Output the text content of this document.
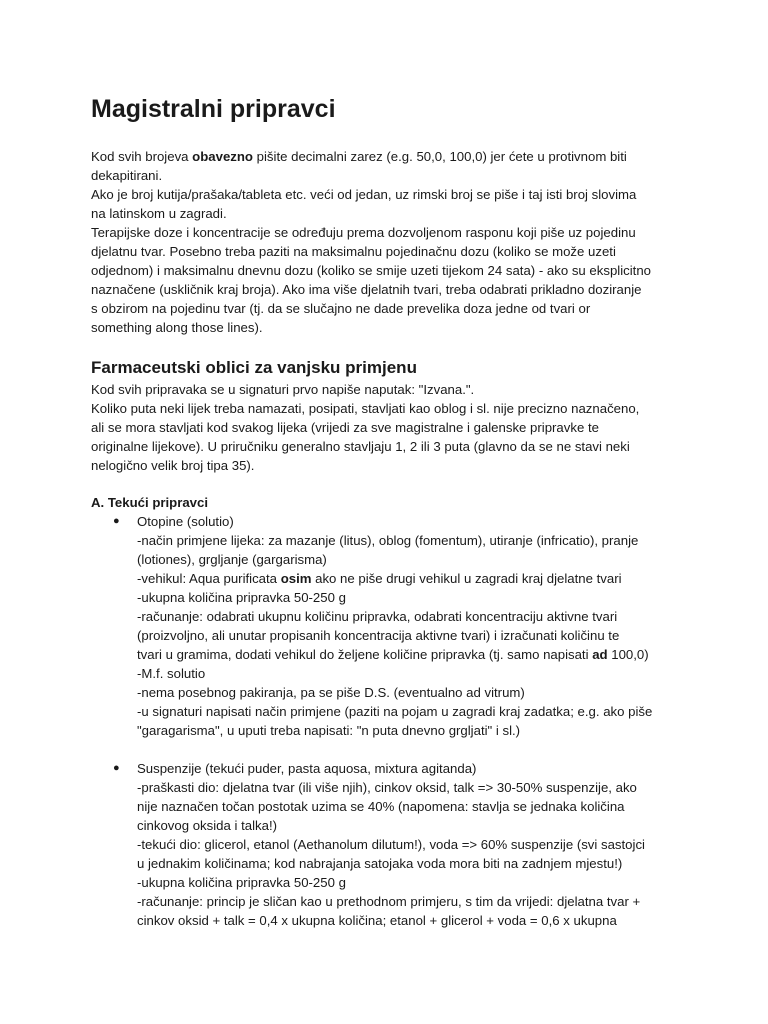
Magistralni pripravci

Kod svih brojeva obavezno pišite decimalni zarez (e.g. 50,0, 100,0) jer ćete u protivnom biti

dekapitirani.

Ako je broj kutija/prašaka/tableta etc. veći od jedan, uz rimski broj se piše i taj isti broj slovima

na latinskom u zagradi.

Terapijske doze i koncentracije se određuju prema dozvoljenom rasponu koji piše uz pojedinu

djelatnu tvar. Posebno treba paziti na maksimalnu pojedinačnu dozu (koliko se može uzeti

odjednom) i maksimalnu dnevnu dozu (koliko se smije uzeti tijekom 24 sata) - ako su eksplicitno

naznačene (uskličnik kraj broja). Ako ima više djelatnih tvari, treba odabrati prikladno doziranje

s obzirom na pojedinu tvar (tj. da se slučajno ne dade prevelika doza jedne od tvari or

something along those lines).

Farmaceutski oblici za vanjsku primjenu

Kod svih pripravaka se u signaturi prvo napiše naputak: "Izvana.".

Koliko puta neki lijek treba namazati, posipati, stavljati kao oblog i sl. nije precizno naznačeno,

ali se mora stavljati kod svakog lijeka (vrijedi za sve magistralne i galenske pripravke te

originalne lijekove). U priručniku generalno stavljaju 1, 2 ili 3 puta (glavno da se ne stavi neki

nelogično velik broj tipa 35).

A. Tekući pripravci

● Otopine (solutio)

-način primjene lijeka: za mazanje (litus), oblog (fomentum), utiranje (infricatio), pranje

(lotiones), grgljanje (gargarisma)

-vehikul: Aqua purificata osim ako ne piše drugi vehikul u zagradi kraj djelatne tvari

-ukupna količina pripravka 50-250 g

-računanje: odabrati ukupnu količinu pripravka, odabrati koncentraciju aktivne tvari

(proizvoljno, ali unutar propisanih koncentracija aktivne tvari) i izračunati količinu te

tvari u gramima, dodati vehikul do željene količine pripravka (tj. samo napisati ad 100,0)

-M.f. solutio

-nema posebnog pakiranja, pa se piše D.S. (eventualno ad vitrum)

-u signaturi napisati način primjene (paziti na pojam u zagradi kraj zadatka; e.g. ako piše

"garagarisma", u uputi treba napisati: "n puta dnevno grgljati" i sl.)

● Suspenzije (tekući puder, pasta aquosa, mixtura agitanda)

-praškasti dio: djelatna tvar (ili više njih), cinkov oksid, talk => 30-50% suspenzije, ako

nije naznačen točan postotak uzima se 40% (napomena: stavlja se jednaka količina

cinkovog oksida i talka!)

-tekući dio: glicerol, etanol (Aethanolum dilutum!), voda => 60% suspenzije (svi sastojci

u jednakim količinama; kod nabrajanja satojaka voda mora biti na zadnjem mjestu!)

-ukupna količina pripravka 50-250 g

-računanje: princip je sličan kao u prethodnom primjeru, s tim da vrijedi: djelatna tvar +

cinkov oksid + talk = 0,4 x ukupna količina; etanol + glicerol + voda = 0,6 x ukupna
